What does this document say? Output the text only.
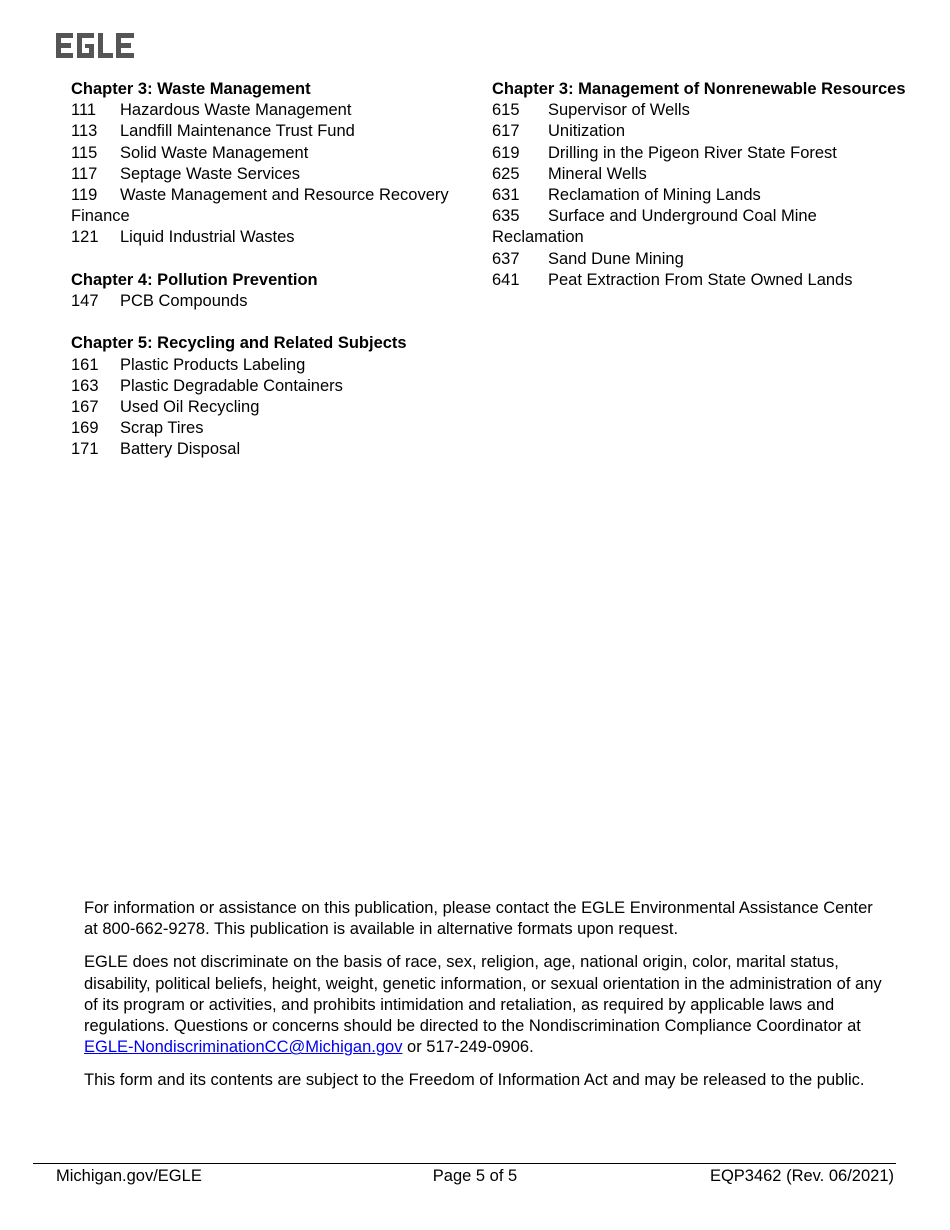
Chapter 3: Waste Management
111 Hazardous Waste Management
113 Landfill Maintenance Trust Fund
115 Solid Waste Management
117 Septage Waste Services
119 Waste Management and Resource Recovery Finance
121 Liquid Industrial Wastes
Chapter 4: Pollution Prevention
147 PCB Compounds
Chapter 5: Recycling and Related Subjects
161 Plastic Products Labeling
163 Plastic Degradable Containers
167 Used Oil Recycling
169 Scrap Tires
171 Battery Disposal
Chapter 3: Management of Nonrenewable Resources
615 Supervisor of Wells
617 Unitization
619 Drilling in the Pigeon River State Forest
625 Mineral Wells
631 Reclamation of Mining Lands
635 Surface and Underground Coal Mine Reclamation
637 Sand Dune Mining
641 Peat Extraction From State Owned Lands

For information or assistance on this publication, please contact the EGLE Environmental Assistance Center at 800-662-9278. This publication is available in alternative formats upon request.

EGLE does not discriminate on the basis of race, sex, religion, age, national origin, color, marital status, disability, political beliefs, height, weight, genetic information, or sexual orientation in the administration of any of its program or activities, and prohibits intimidation and retaliation, as required by applicable laws and regulations. Questions or concerns should be directed to the Nondiscrimination Compliance Coordinator at EGLE-NondiscriminationCC@Michigan.gov or 517-249-0906.

This form and its contents are subject to the Freedom of Information Act and may be released to the public.

Michigan.gov/EGLE	Page 5 of 5	EQP3462 (Rev. 06/2021)
